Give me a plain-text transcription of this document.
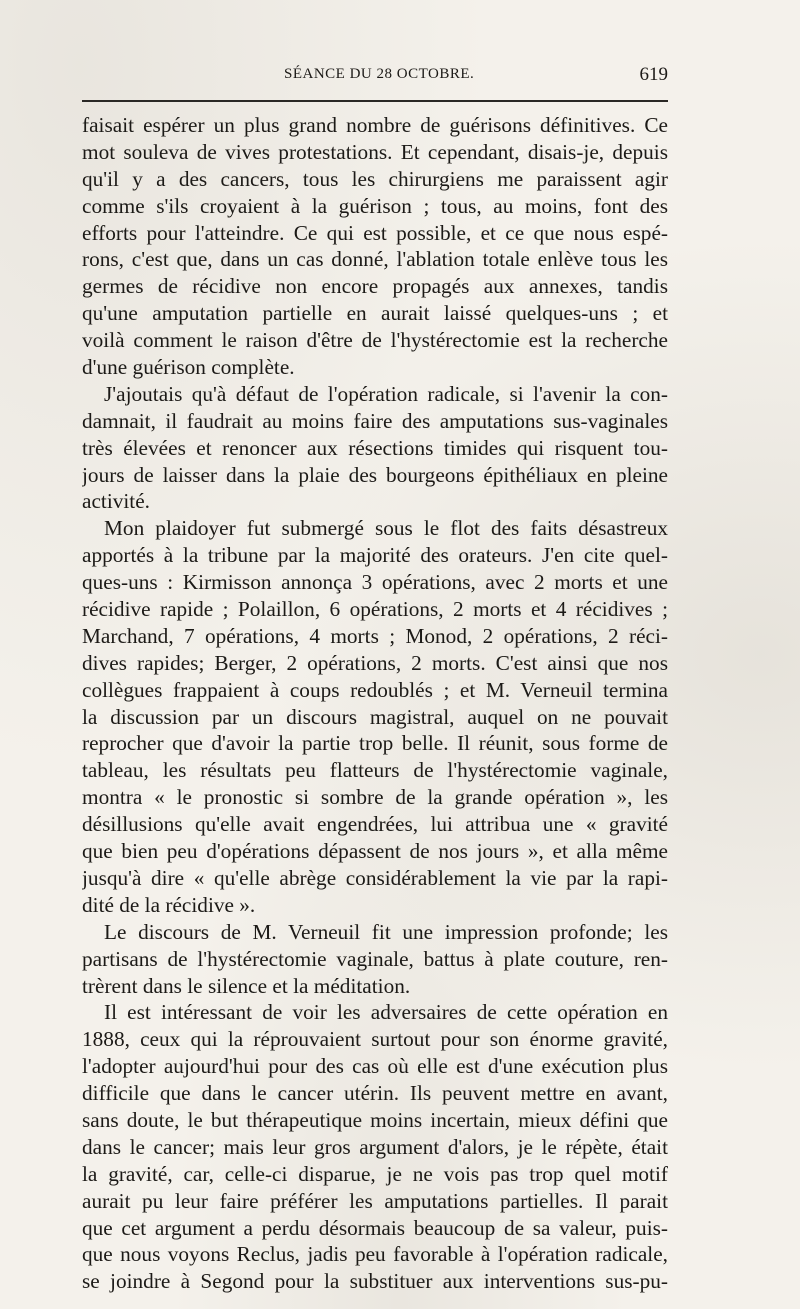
SÉANCE DU 28 OCTOBRE.	619
faisait espérer un plus grand nombre de guérisons définitives. Ce
mot souleva de vives protestations. Et cependant, disais-je, depuis
qu'il y a des cancers, tous les chirurgiens me paraissent agir
comme s'ils croyaient à la guérison ; tous, au moins, font des
efforts pour l'atteindre. Ce qui est possible, et ce que nous espé-
rons, c'est que, dans un cas donné, l'ablation totale enlève tous les
germes de récidive non encore propagés aux annexes, tandis
qu'une amputation partielle en aurait laissé quelques-uns ; et
voilà comment le raison d'être de l'hystérectomie est la recherche
d'une guérison complète.
J'ajoutais qu'à défaut de l'opération radicale, si l'avenir la con-
damnait, il faudrait au moins faire des amputations sus-vaginales
très élevées et renoncer aux résections timides qui risquent tou-
jours de laisser dans la plaie des bourgeons épithéliaux en pleine
activité.
Mon plaidoyer fut submergé sous le flot des faits désastreux
apportés à la tribune par la majorité des orateurs. J'en cite quel-
ques-uns : Kirmisson annonça 3 opérations, avec 2 morts et une
récidive rapide ; Polaillon, 6 opérations, 2 morts et 4 récidives ;
Marchand, 7 opérations, 4 morts ; Monod, 2 opérations, 2 réci-
dives rapides; Berger, 2 opérations, 2 morts. C'est ainsi que nos
collègues frappaient à coups redoublés ; et M. Verneuil termina
la discussion par un discours magistral, auquel on ne pouvait
reprocher que d'avoir la partie trop belle. Il réunit, sous forme de
tableau, les résultats peu flatteurs de l'hystérectomie vaginale,
montra « le pronostic si sombre de la grande opération », les
désillusions qu'elle avait engendrées, lui attribua une « gravité
que bien peu d'opérations dépassent de nos jours », et alla même
jusqu'à dire « qu'elle abrège considérablement la vie par la rapi-
dité de la récidive ».
Le discours de M. Verneuil fit une impression profonde; les
partisans de l'hystérectomie vaginale, battus à plate couture, ren-
trèrent dans le silence et la méditation.
Il est intéressant de voir les adversaires de cette opération en
1888, ceux qui la réprouvaient surtout pour son énorme gravité,
l'adopter aujourd'hui pour des cas où elle est d'une exécution plus
difficile que dans le cancer utérin. Ils peuvent mettre en avant,
sans doute, le but thérapeutique moins incertain, mieux défini que
dans le cancer; mais leur gros argument d'alors, je le répète, était
la gravité, car, celle-ci disparue, je ne vois pas trop quel motif
aurait pu leur faire préférer les amputations partielles. Il parait
que cet argument a perdu désormais beaucoup de sa valeur, puis-
que nous voyons Reclus, jadis peu favorable à l'opération radicale,
se joindre à Segond pour la substituer aux interventions sus-pu-
